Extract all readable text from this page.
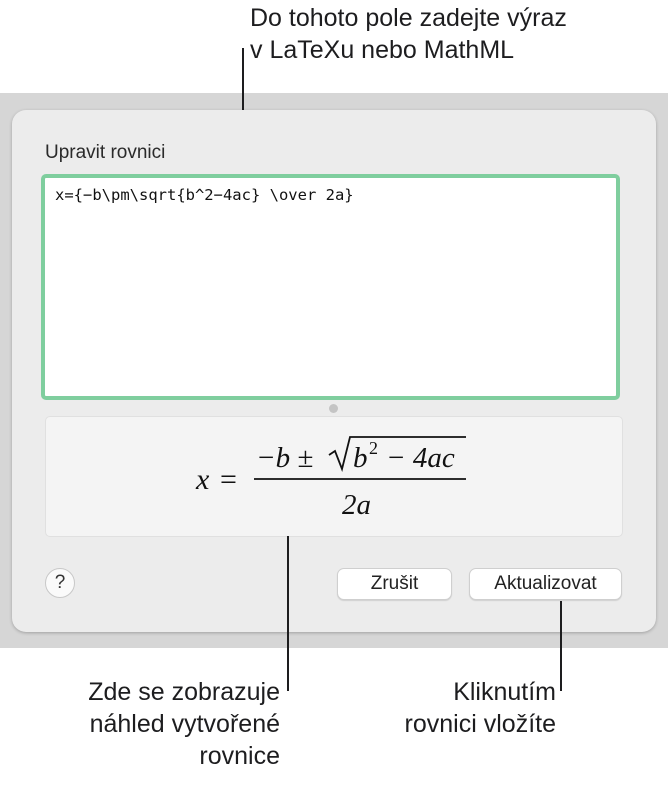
Do tohoto pole zadejte výraz
v LaTeXu nebo MathML
Upravit rovnici
x={−b\pm\sqrt{b^2−4ac} \over 2a}
x =
−b ± b 2 − 4ac
2a
?	Zrušit	Aktualizovat
Zde se zobrazuje
náhled vytvořené
rovnice
Kliknutím
rovnici vložíte
